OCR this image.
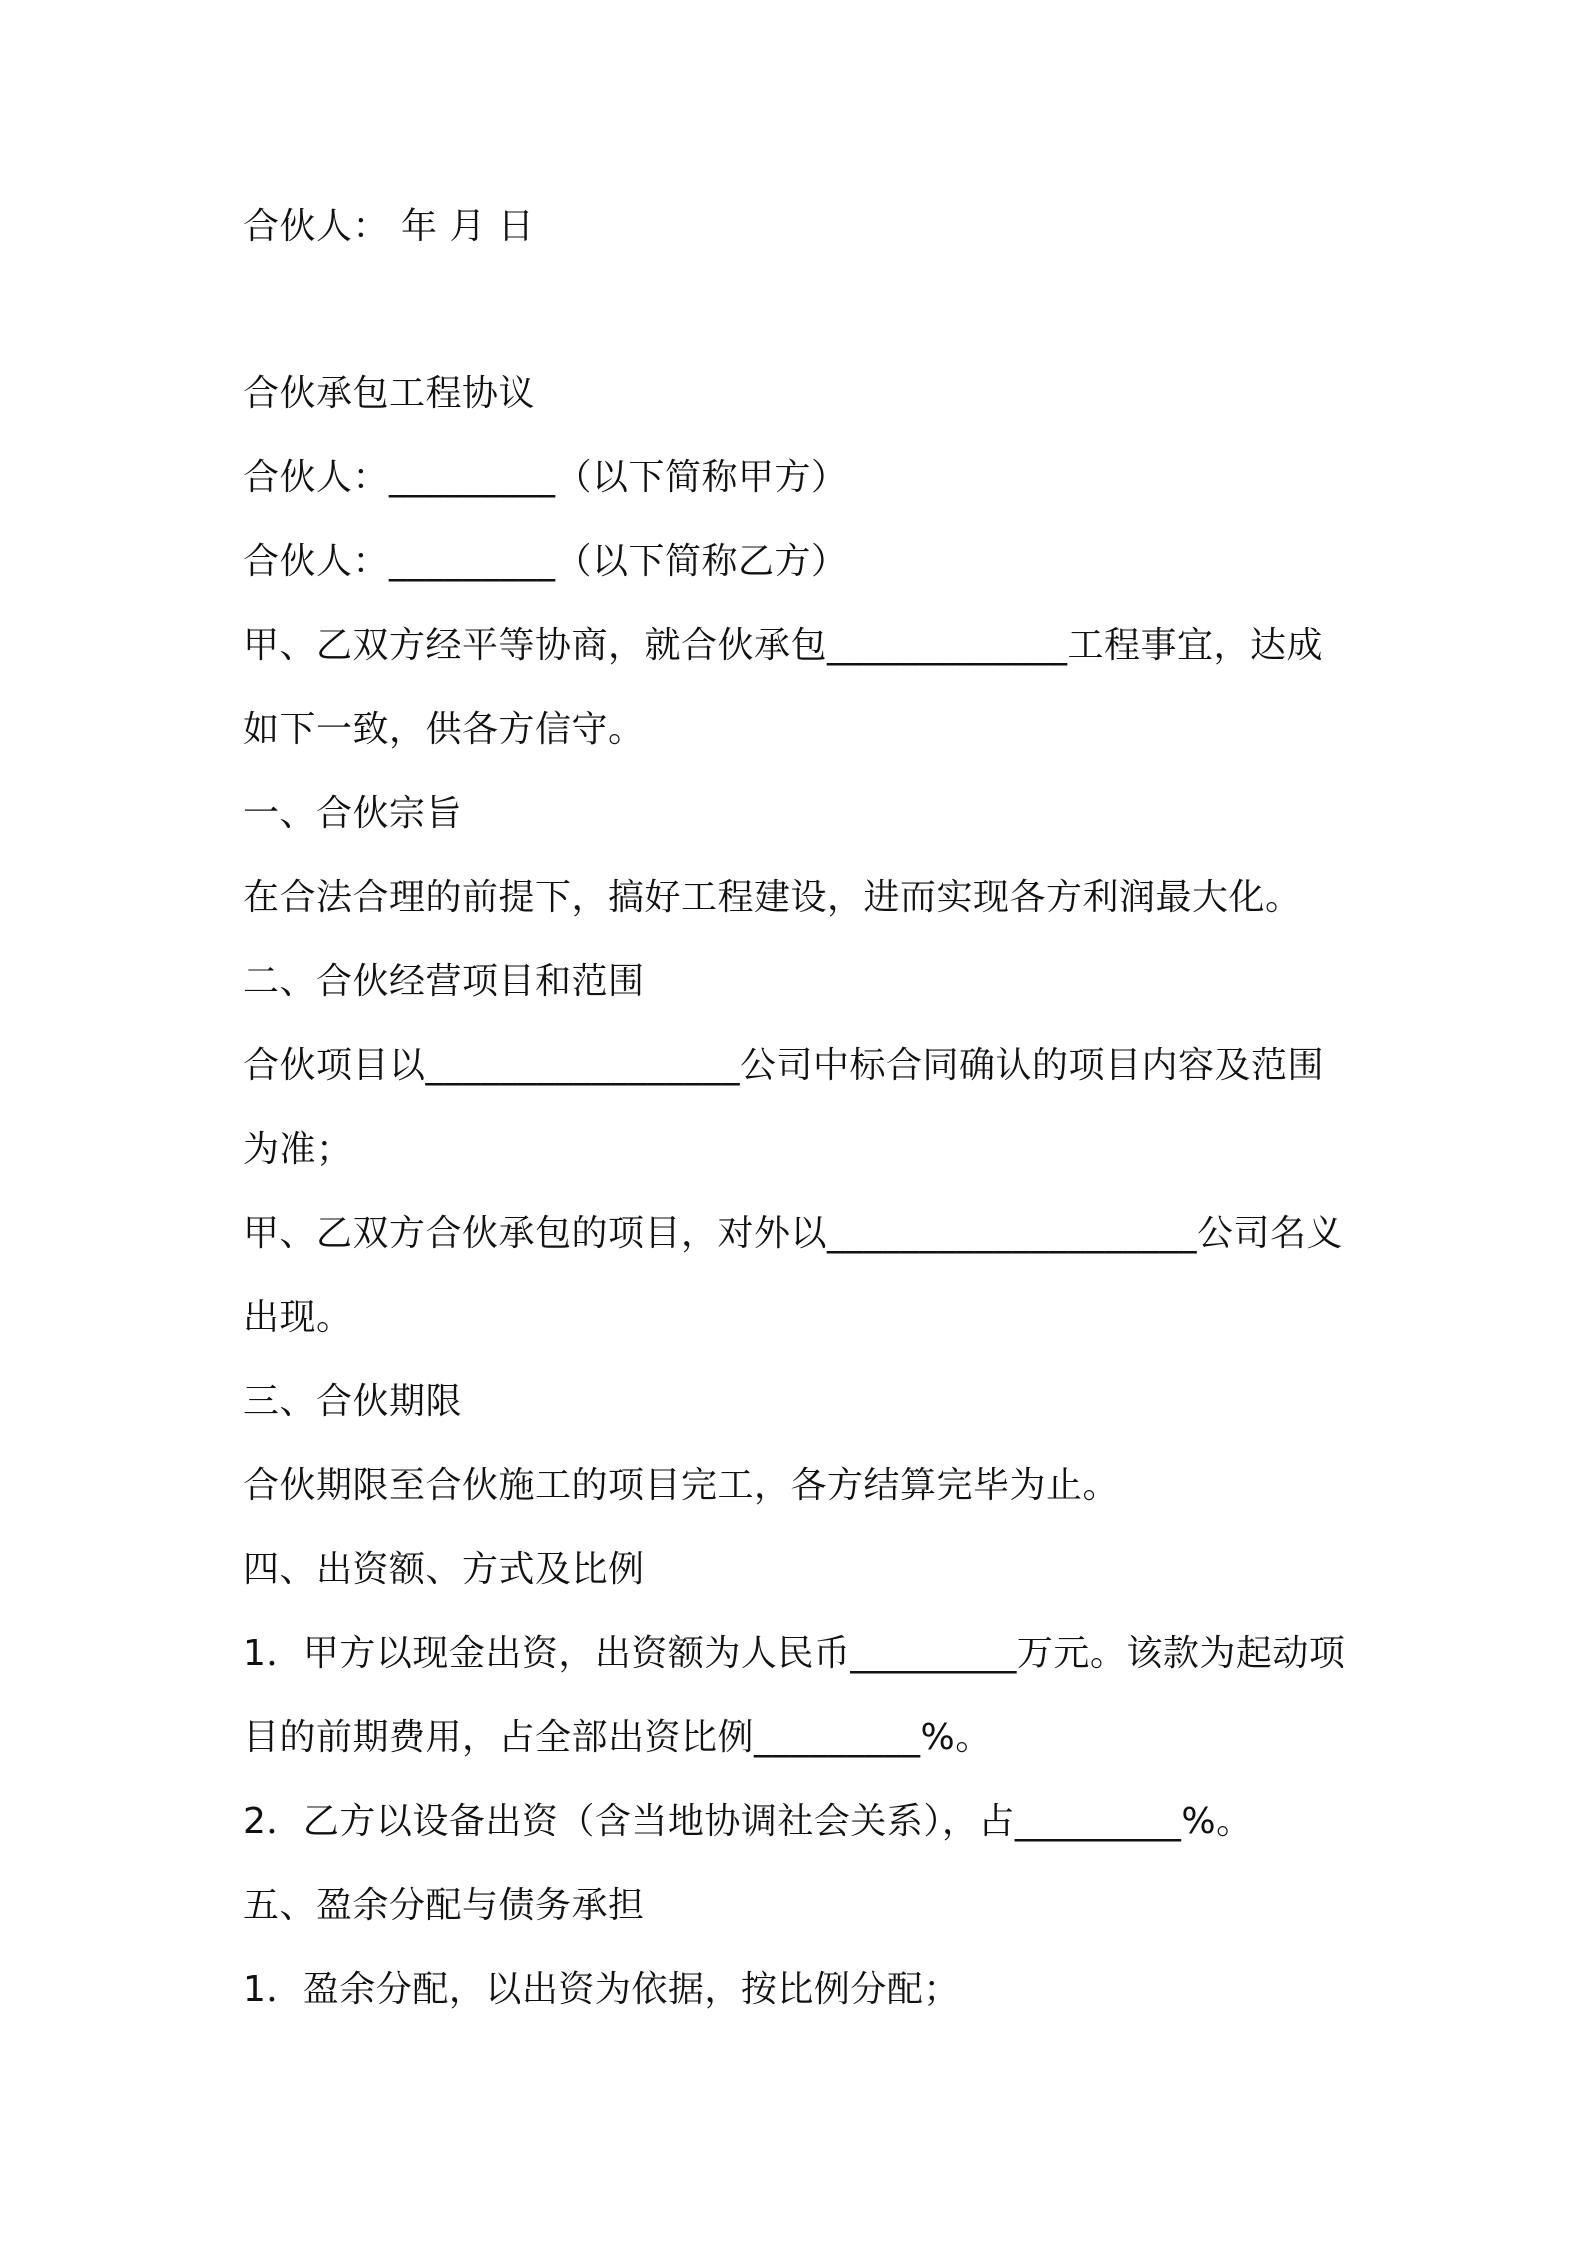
合伙人： 年 月 日
合伙承包工程协议
合伙人：_________（以下简称甲方）
合伙人：_________（以下简称乙方）
甲、乙双方经平等协商，就合伙承包_____________工程事宜，达成
如下一致，供各方信守。
一、合伙宗旨
在合法合理的前提下，搞好工程建设，进而实现各方利润最大化。
二、合伙经营项目和范围
合伙项目以_________________公司中标合同确认的项目内容及范围
为准；
甲、乙双方合伙承包的项目，对外以____________________公司名义
出现。
三、合伙期限
合伙期限至合伙施工的项目完工，各方结算完毕为止。
四、出资额、方式及比例
1．甲方以现金出资，出资额为人民币_________万元。该款为起动项
目的前期费用，占全部出资比例_________%。
2．乙方以设备出资（含当地协调社会关系），占_________%。
五、盈余分配与债务承担
1．盈余分配，以出资为依据，按比例分配；
